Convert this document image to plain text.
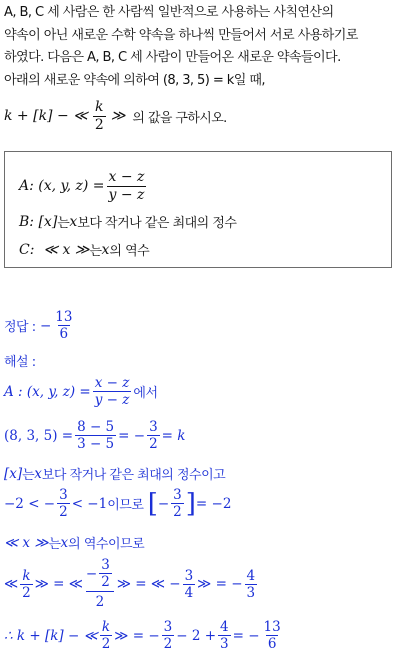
A, B, C 세 사람은 한 사람씩 일반적으로 사용하는 사칙연산의
약속이 아닌 새로운 수학 약속을 하나씩 만들어서 서로 사용하기로
하였다. 다음은 A, B, C 세 사람이 만들어온 새로운 약속들이다.
아래의 새로운 약속에 의하여 (8, 3, 5) = k일 때,
k + [k] − ≪ $\frac{k}{2}$ ≫ 의 값을 구하시오.
A:
(x, y, $z) = \frac{x - z}{y - z}$
B:
[x] 는 x 보다 작거나 같은 최대의 정수
C:
≪ x ≫ 는 x 의 역수
정답 :
− $\frac{13}{6}$
해설 :
A : (x, y, $z) = \frac{x - z}{y - z}$ 에서
(8, 3, $5) = \frac{8 - 5}{3 - 5}$ = − $\frac{3}{2} = k$
[x] 는 x 보다 작거나 같은 최대의 정수이고
−2 < − $\frac{3}{2} < -1$ 이므로
[ − $\frac{3}{2}$ ] = −2
≪ x ≫ 는 x 의 역수이므로
≪ $\frac{k}{2}$ ≫ = ≪ $\frac{- \frac{3}{2}}{2}$ ≫ = ≪ − $\frac{3}{4}$ ≫ = − $\frac{4}{3}$
∴ k + [k] − ≪ $\frac{k}{2}$ ≫ = − $\frac{3}{2} - 2 + \frac{4}{3}$ = − $\frac{13}{6}$
